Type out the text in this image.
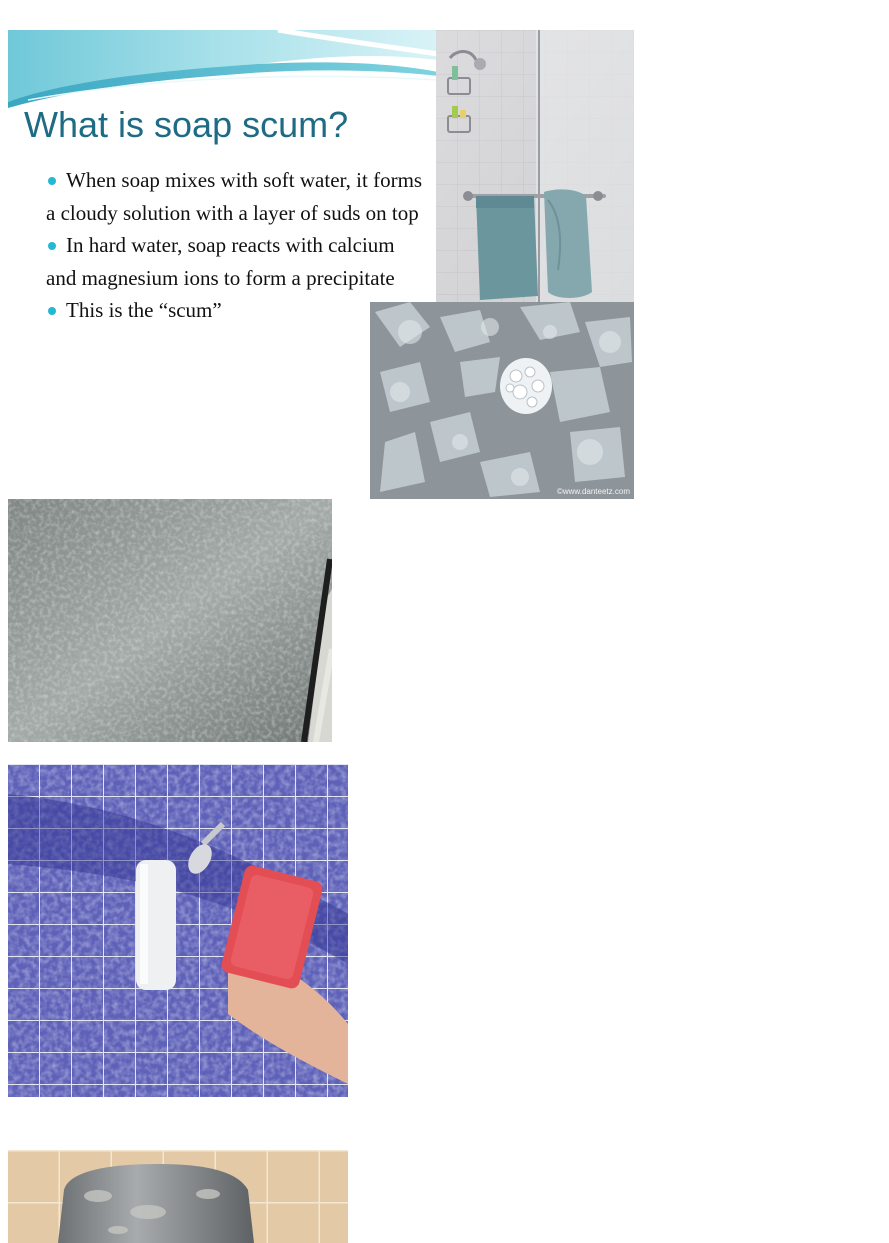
What is soap scum?
When soap mixes with soft water, it forms a cloudy solution with a layer of suds on top
In hard water, soap reacts with calcium and magnesium ions to form a precipitate
This is the “scum”
©www.danteetz.com
